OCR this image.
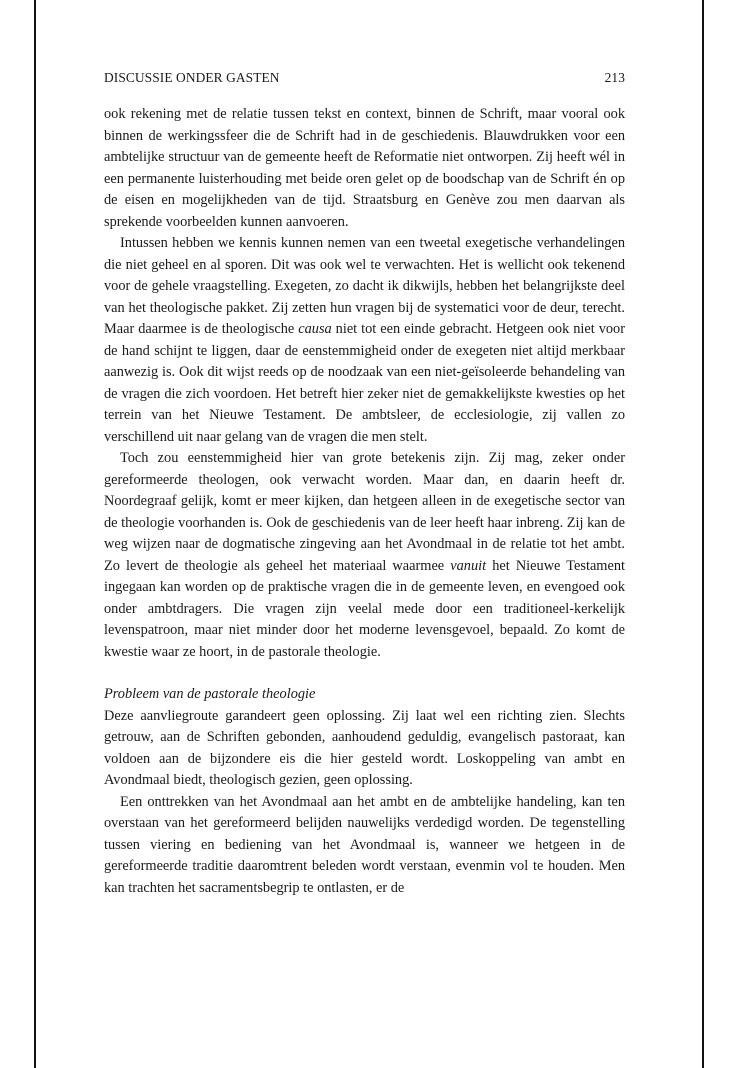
DISCUSSIE ONDER GASTEN	213

ook rekening met de relatie tussen tekst en context, binnen de Schrift, maar vooral ook binnen de werkingssfeer die de Schrift had in de geschiedenis. Blauwdrukken voor een ambtelijke structuur van de gemeente heeft de Reformatie niet ontworpen. Zij heeft wél in een permanente luisterhouding met beide oren gelet op de boodschap van de Schrift én op de eisen en mogelijkheden van de tijd. Straatsburg en Genève zou men daarvan als sprekende voorbeelden kunnen aanvoeren.

Intussen hebben we kennis kunnen nemen van een tweetal exegetische verhandelingen die niet geheel en al sporen. Dit was ook wel te verwachten. Het is wellicht ook tekenend voor de gehele vraagstelling. Exegeten, zo dacht ik dikwijls, hebben het belangrijkste deel van het theologische pakket. Zij zetten hun vragen bij de systematici voor de deur, terecht. Maar daarmee is de theologische causa niet tot een einde gebracht. Hetgeen ook niet voor de hand schijnt te liggen, daar de eenstemmigheid onder de exegeten niet altijd merkbaar aanwezig is. Ook dit wijst reeds op de noodzaak van een niet-geïsoleerde behandeling van de vragen die zich voordoen. Het betreft hier zeker niet de gemakkelijkste kwesties op het terrein van het Nieuwe Testament. De ambtsleer, de ecclesiologie, zij vallen zo verschillend uit naar gelang van de vragen die men stelt.

Toch zou eenstemmigheid hier van grote betekenis zijn. Zij mag, zeker onder gereformeerde theologen, ook verwacht worden. Maar dan, en daarin heeft dr. Noordegraaf gelijk, komt er meer kijken, dan hetgeen alleen in de exegetische sector van de theologie voorhanden is. Ook de geschiedenis van de leer heeft haar inbreng. Zij kan de weg wijzen naar de dogmatische zingeving aan het Avondmaal in de relatie tot het ambt. Zo levert de theologie als geheel het materiaal waarmee vanuit het Nieuwe Testament ingegaan kan worden op de praktische vragen die in de gemeente leven, en evengoed ook onder ambtdragers. Die vragen zijn veelal mede door een traditioneel-kerkelijk levenspatroon, maar niet minder door het moderne levensgevoel, bepaald. Zo komt de kwestie waar ze hoort, in de pastorale theologie.

Probleem van de pastorale theologie

Deze aanvliegroute garandeert geen oplossing. Zij laat wel een richting zien. Slechts getrouw, aan de Schriften gebonden, aanhoudend geduldig, evangelisch pastoraat, kan voldoen aan de bijzondere eis die hier gesteld wordt. Loskoppeling van ambt en Avondmaal biedt, theologisch gezien, geen oplossing.

Een onttrekken van het Avondmaal aan het ambt en de ambtelijke handeling, kan ten overstaan van het gereformeerd belijden nauwelijks verdedigd worden. De tegenstelling tussen viering en bediening van het Avondmaal is, wanneer we hetgeen in de gereformeerde traditie daaromtrent beleden wordt verstaan, evenmin vol te houden. Men kan trachten het sacramentsbegrip te ontlasten, er de
